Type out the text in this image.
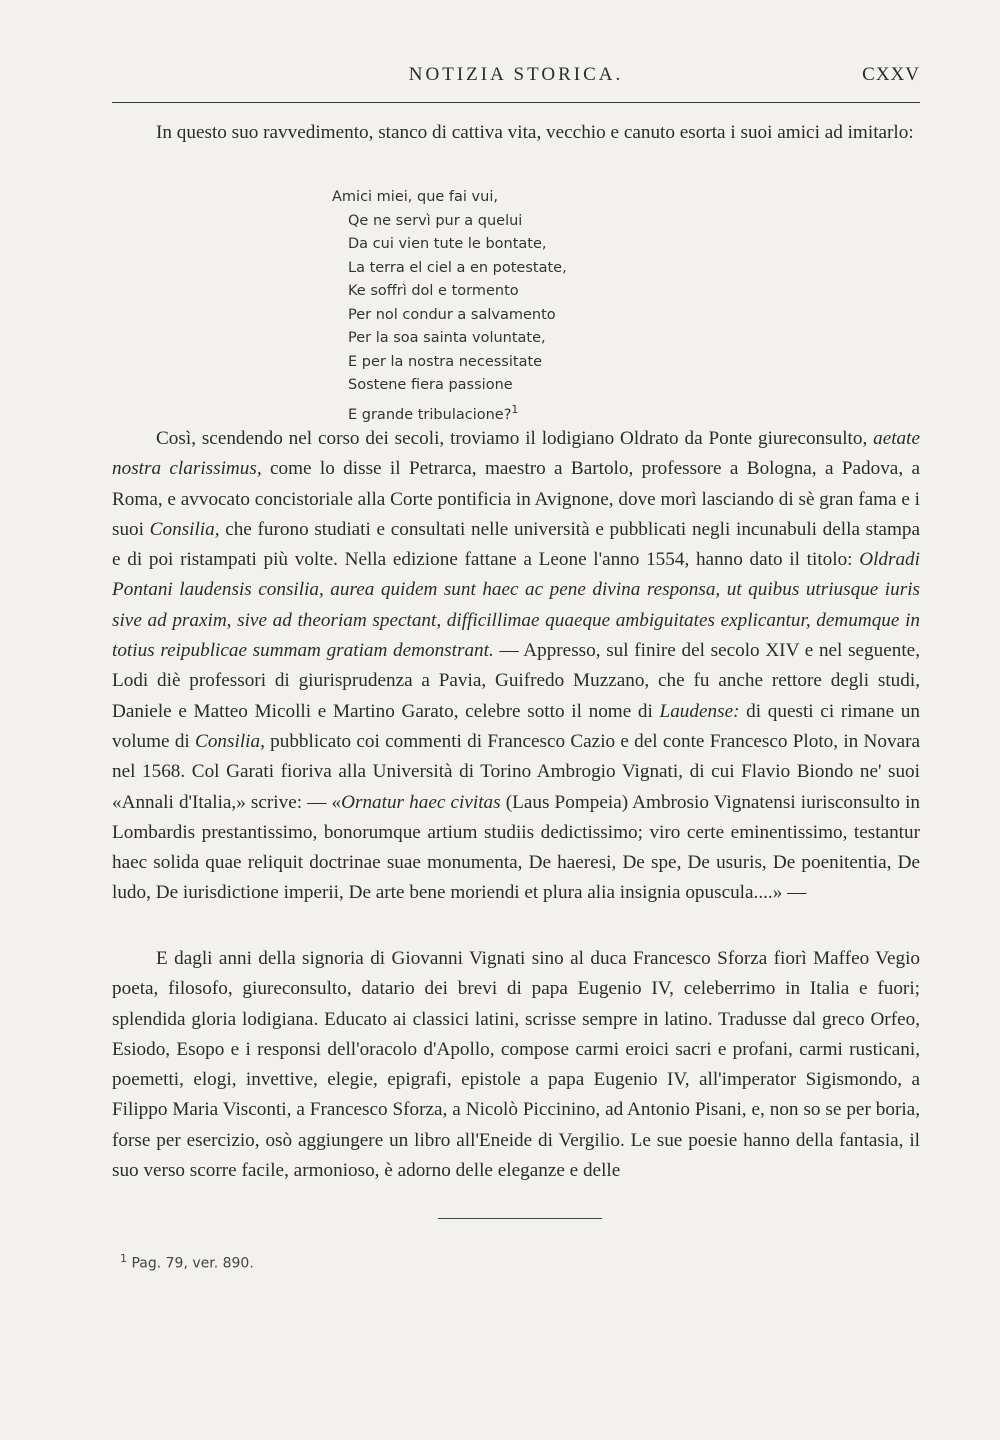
NOTIZIA STORICA.	CXXV

In questo suo ravvedimento, stanco di cattiva vita, vecchio e canuto esorta i suoi amici ad imitarlo:

Amici miei, que fai vui,
Qe ne servì pur a quelui
Da cui vien tute le bontate,
La terra el ciel a en potestate,
Ke soffrì dol e tormento
Per nol condur a salvamento
Per la soa sainta voluntate,
E per la nostra necessitate
Sostene fiera passione
E grande tribulacione?$^1$

Così, scendendo nel corso dei secoli, troviamo il lodigiano Oldrato da Ponte giureconsulto, aetate nostra clarissimus, come lo disse il Petrarca, maestro a Bartolo, professore a Bologna, a Padova, a Roma, e avvocato concistoriale alla Corte pontificia in Avignone, dove morì lasciando di sè gran fama e i suoi Consilia, che furono studiati e consultati nelle università e pubblicati negli incunabuli della stampa e di poi ristampati più volte. Nella edizione fattane a Leone l'anno 1554, hanno dato il titolo: Oldradi Pontani laudensis consilia, aurea quidem sunt haec ac pene divina responsa, ut quibus utriusque iuris sive ad praxim, sive ad theoriam spectant, difficillimae quaeque ambiguitates explicantur, demumque in totius reipublicae summam gratiam demonstrant. — Appresso, sul finire del secolo XIV e nel seguente, Lodi diè professori di giurisprudenza a Pavia, Guifredo Muzzano, che fu anche rettore degli studi, Daniele e Matteo Micolli e Martino Garato, celebre sotto il nome di Laudense: di questi ci rimane un volume di Consilia, pubblicato coi commenti di Francesco Cazio e del conte Francesco Ploto, in Novara nel 1568. Col Garati fioriva alla Università di Torino Ambrogio Vignati, di cui Flavio Biondo ne' suoi «Annali d'Italia,» scrive: — «Ornatur haec civitas (Laus Pompeia) Ambrosio Vignatensi iurisconsulto in Lombardis prestantissimo, bonorumque artium studiis dedictissimo; viro certe eminentissimo, testantur haec solida quae reliquit doctrinae suae monumenta, De haeresi, De spe, De usuris, De poenitentia, De ludo, De iurisdictione imperii, De arte bene moriendi et plura alia insignia opuscula....» —

E dagli anni della signoria di Giovanni Vignati sino al duca Francesco Sforza fiorì Maffeo Vegio poeta, filosofo, giureconsulto, datario dei brevi di papa Eugenio IV, celeberrimo in Italia e fuori; splendida gloria lodigiana. Educato ai classici latini, scrisse sempre in latino. Tradusse dal greco Orfeo, Esiodo, Esopo e i responsi dell'oracolo d'Apollo, compose carmi eroici sacri e profani, carmi rusticani, poemetti, elogi, invettive, elegie, epigrafi, epistole a papa Eugenio IV, all'imperator Sigismondo, a Filippo Maria Visconti, a Francesco Sforza, a Nicolò Piccinino, ad Antonio Pisani, e, non so se per boria, forse per esercizio, osò aggiungere un libro all'Eneide di Vergilio. Le sue poesie hanno della fantasia, il suo verso scorre facile, armonioso, è adorno delle eleganze e delle

$^1$ Pag. 79, ver. 890.
